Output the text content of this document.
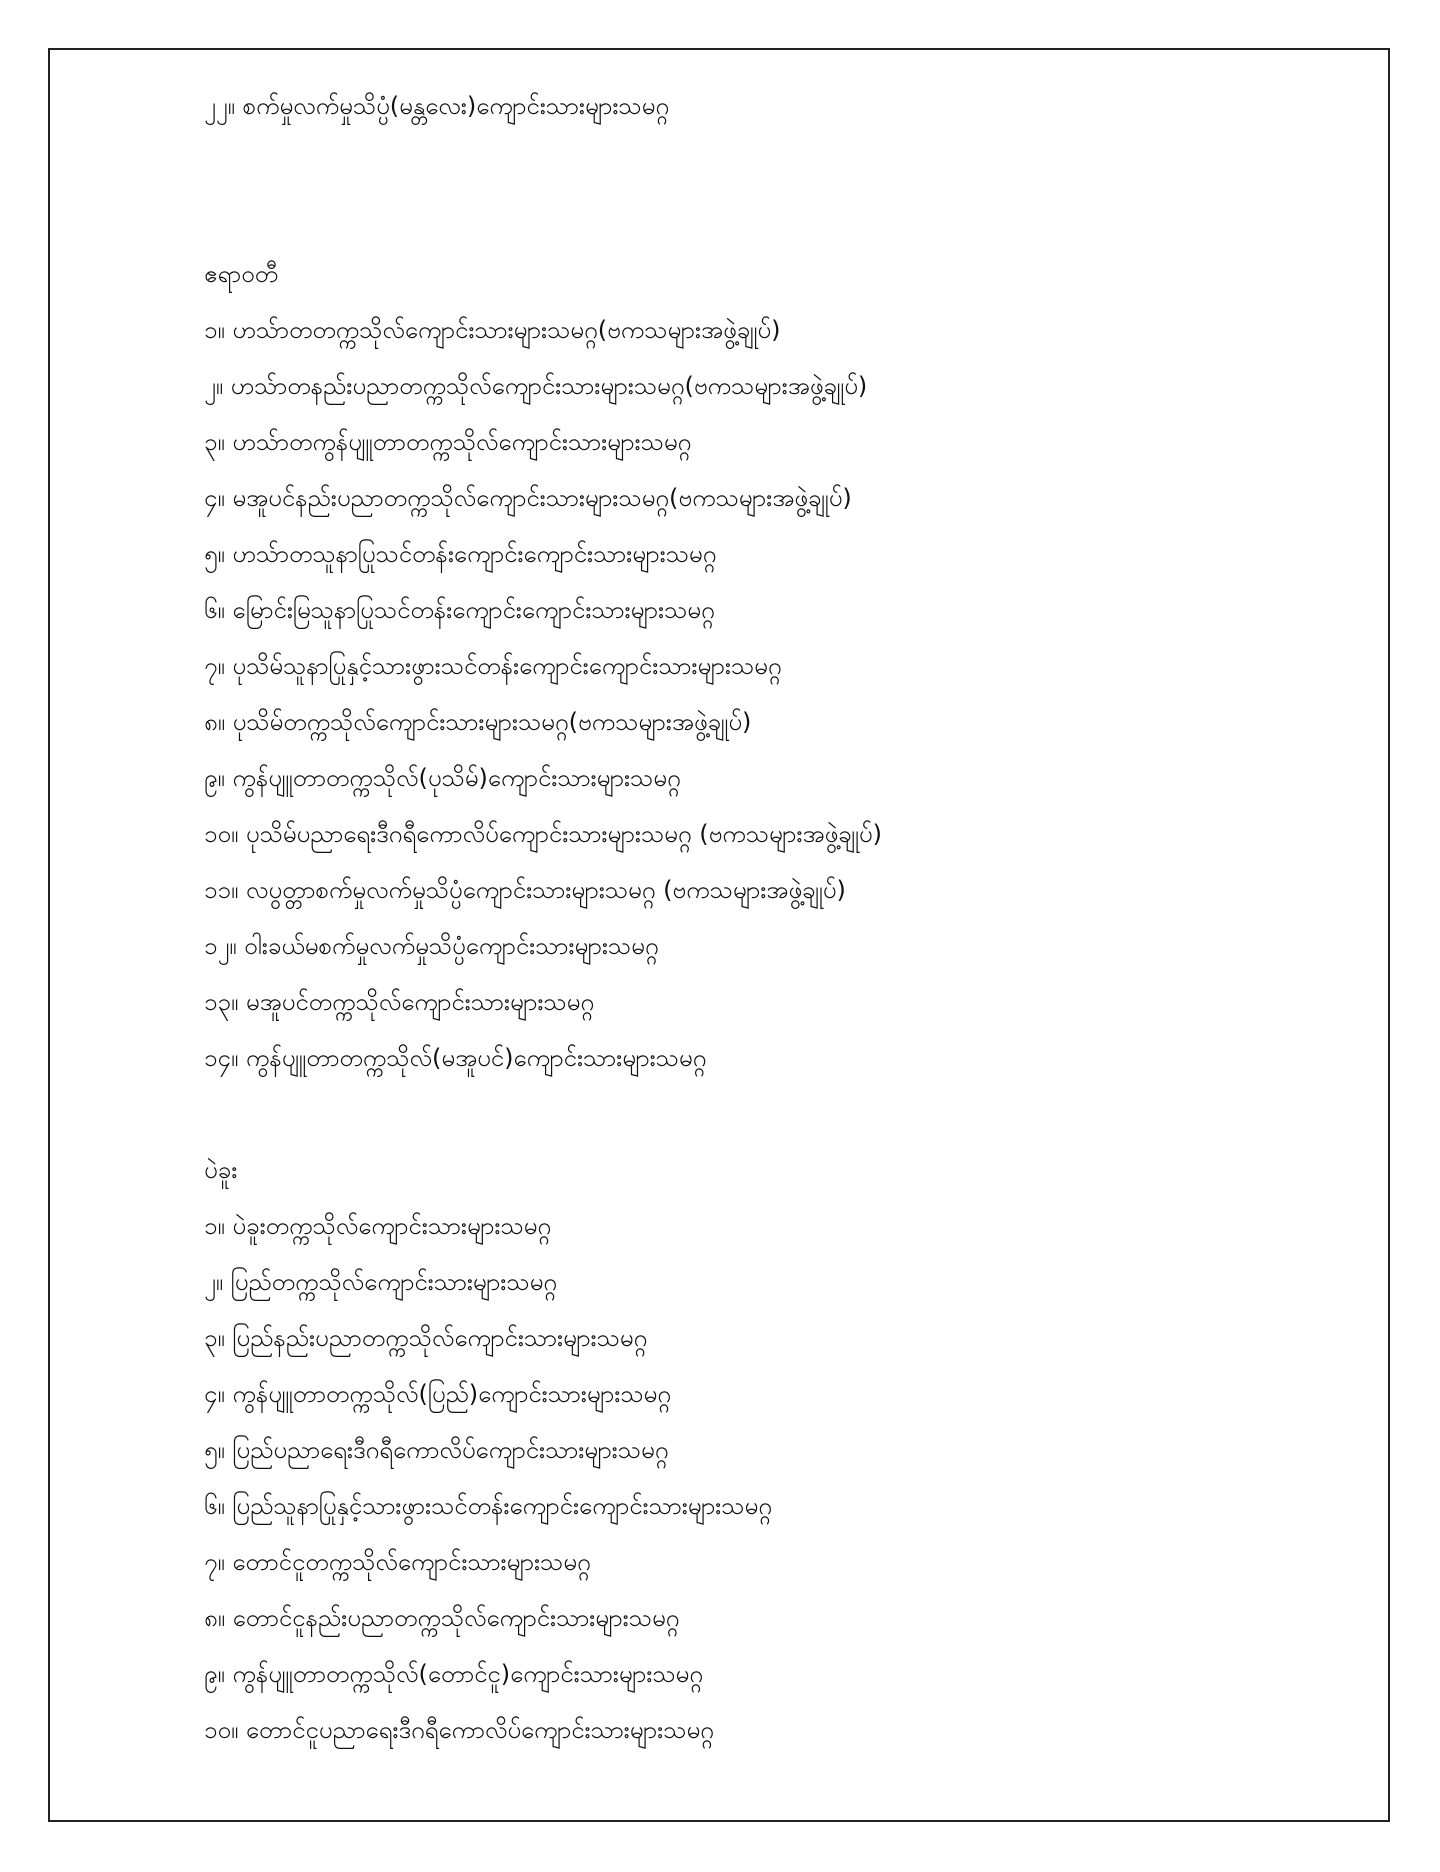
၂၂။ စက်မှုလက်မှုသိပ္ပံ(မန္တလေး)ကျောင်းသားများသမဂ္ဂ
ဧရာဝတီ
၁။ ဟသ်ာတတက္ကသိုလ်ကျောင်းသားများသမဂ္ဂ(ဗကသများအဖွဲ့ချုပ်)
၂။ ဟသ်ာတနည်းပညာတက္ကသိုလ်ကျောင်းသားများသမဂ္ဂ(ဗကသများအဖွဲ့ချုပ်)
၃။ ဟသ်ာတကွန်ပျူတာတက္ကသိုလ်ကျောင်းသားများသမဂ္ဂ
၄။ မအူပင်နည်းပညာတက္ကသိုလ်ကျောင်းသားများသမဂ္ဂ(ဗကသများအဖွဲ့ချုပ်)
၅။ ဟသ်ာတသူနာပြုသင်တန်းကျောင်းကျောင်းသားများသမဂ္ဂ
၆။ မြောင်းမြသူနာပြုသင်တန်းကျောင်းကျောင်းသားများသမဂ္ဂ
၇။ ပုသိမ်သူနာပြုနှင့်သားဖွားသင်တန်းကျောင်းကျောင်းသားများသမဂ္ဂ
၈။ ပုသိမ်တက္ကသိုလ်ကျောင်းသားများသမဂ္ဂ(ဗကသများအဖွဲ့ချုပ်)
၉။ ကွန်ပျူတာတက္ကသိုလ်(ပုသိမ်)ကျောင်းသားများသမဂ္ဂ
၁၀။ ပုသိမ်ပညာရေးဒီဂရီကောလိပ်ကျောင်းသားများသမဂ္ဂ (ဗကသများအဖွဲ့ချုပ်)
၁၁။ လပွတ္တာစက်မှုလက်မှုသိပ္ပံကျောင်းသားများသမဂ္ဂ (ဗကသများအဖွဲ့ချုပ်)
၁၂။ ဝါးခယ်မစက်မှုလက်မှုသိပ္ပံကျောင်းသားများသမဂ္ဂ
၁၃။ မအူပင်တက္ကသိုလ်ကျောင်းသားများသမဂ္ဂ
၁၄။ ကွန်ပျူတာတက္ကသိုလ်(မအူပင်)ကျောင်းသားများသမဂ္ဂ
ပဲခူး
၁။ ပဲခူးတက္ကသိုလ်ကျောင်းသားများသမဂ္ဂ
၂။ ပြည်တက္ကသိုလ်ကျောင်းသားများသမဂ္ဂ
၃။ ပြည်နည်းပညာတက္ကသိုလ်ကျောင်းသားများသမဂ္ဂ
၄။ ကွန်ပျူတာတက္ကသိုလ်(ပြည်)ကျောင်းသားများသမဂ္ဂ
၅။ ပြည်ပညာရေးဒီဂရီကောလိပ်ကျောင်းသားများသမဂ္ဂ
၆။ ပြည်သူနာပြုနှင့်သားဖွားသင်တန်းကျောင်းကျောင်းသားများသမဂ္ဂ
၇။ တောင်ငူတက္ကသိုလ်ကျောင်းသားများသမဂ္ဂ
၈။ တောင်ငူနည်းပညာတက္ကသိုလ်ကျောင်းသားများသမဂ္ဂ
၉။ ကွန်ပျူတာတက္ကသိုလ်(တောင်ငူ)ကျောင်းသားများသမဂ္ဂ
၁၀။ တောင်ငူပညာရေးဒီဂရီကောလိပ်ကျောင်းသားများသမဂ္ဂ
